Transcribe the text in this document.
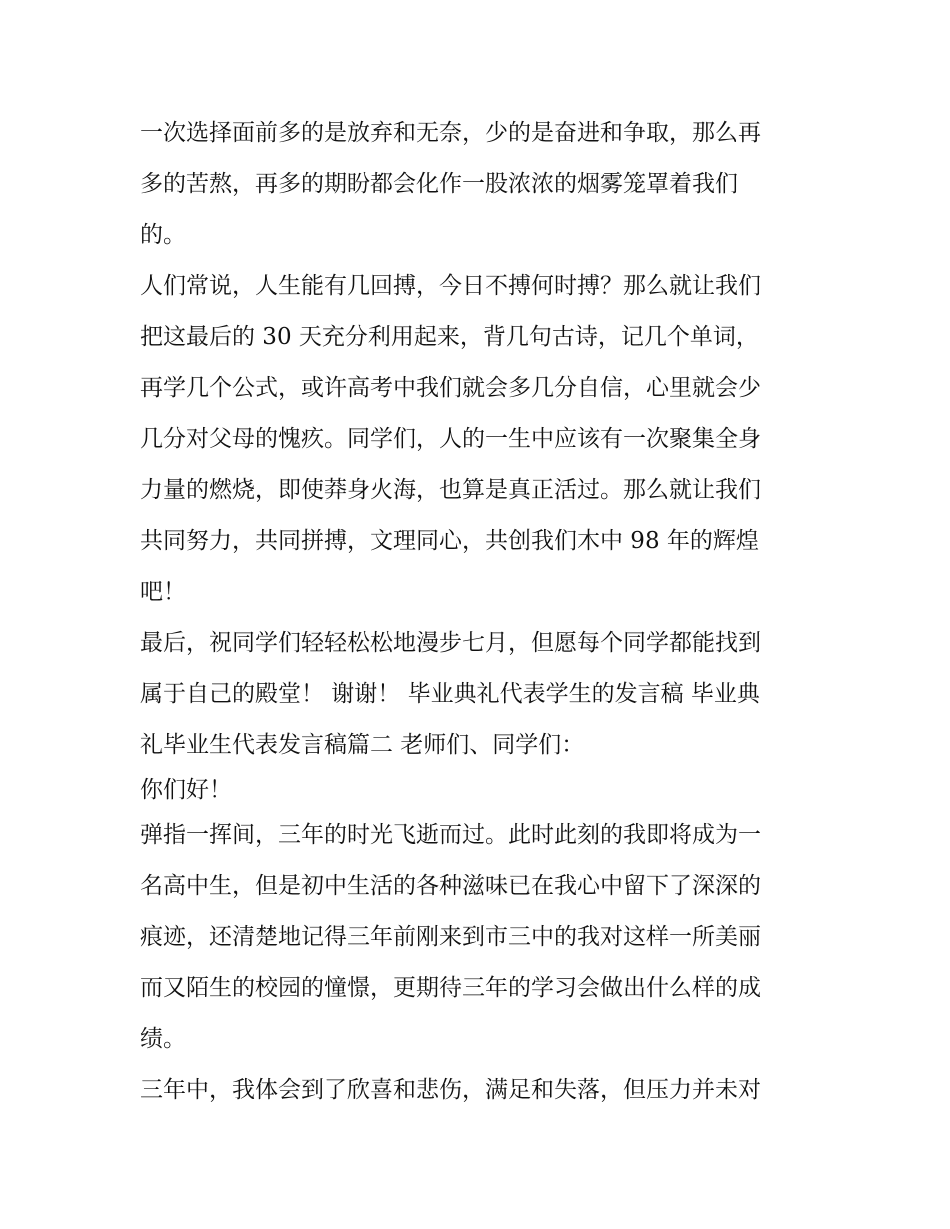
一次选择面前多的是放弃和无奈，少的是奋进和争取，那么再
多的苦熬，再多的期盼都会化作一股浓浓的烟雾笼罩着我们
的。
人们常说，人生能有几回搏，今日不搏何时搏？那么就让我们
把这最后的 30 天充分利用起来，背几句古诗，记几个单词，
再学几个公式，或许高考中我们就会多几分自信，心里就会少
几分对父母的愧疚。同学们，人的一生中应该有一次聚集全身
力量的燃烧，即使莽身火海，也算是真正活过。那么就让我们
共同努力，共同拼搏，文理同心，共创我们木中 98 年的辉煌
吧！
最后，祝同学们轻轻松松地漫步七月，但愿每个同学都能找到
属于自己的殿堂！ 谢谢！ 毕业典礼代表学生的发言稿 毕业典
礼毕业生代表发言稿篇二 老师们、同学们：
你们好！
弹指一挥间，三年的时光飞逝而过。此时此刻的我即将成为一
名高中生，但是初中生活的各种滋味已在我心中留下了深深的
痕迹，还清楚地记得三年前刚来到市三中的我对这样一所美丽
而又陌生的校园的憧憬，更期待三年的学习会做出什么样的成
绩。
三年中，我体会到了欣喜和悲伤，满足和失落，但压力并未对
